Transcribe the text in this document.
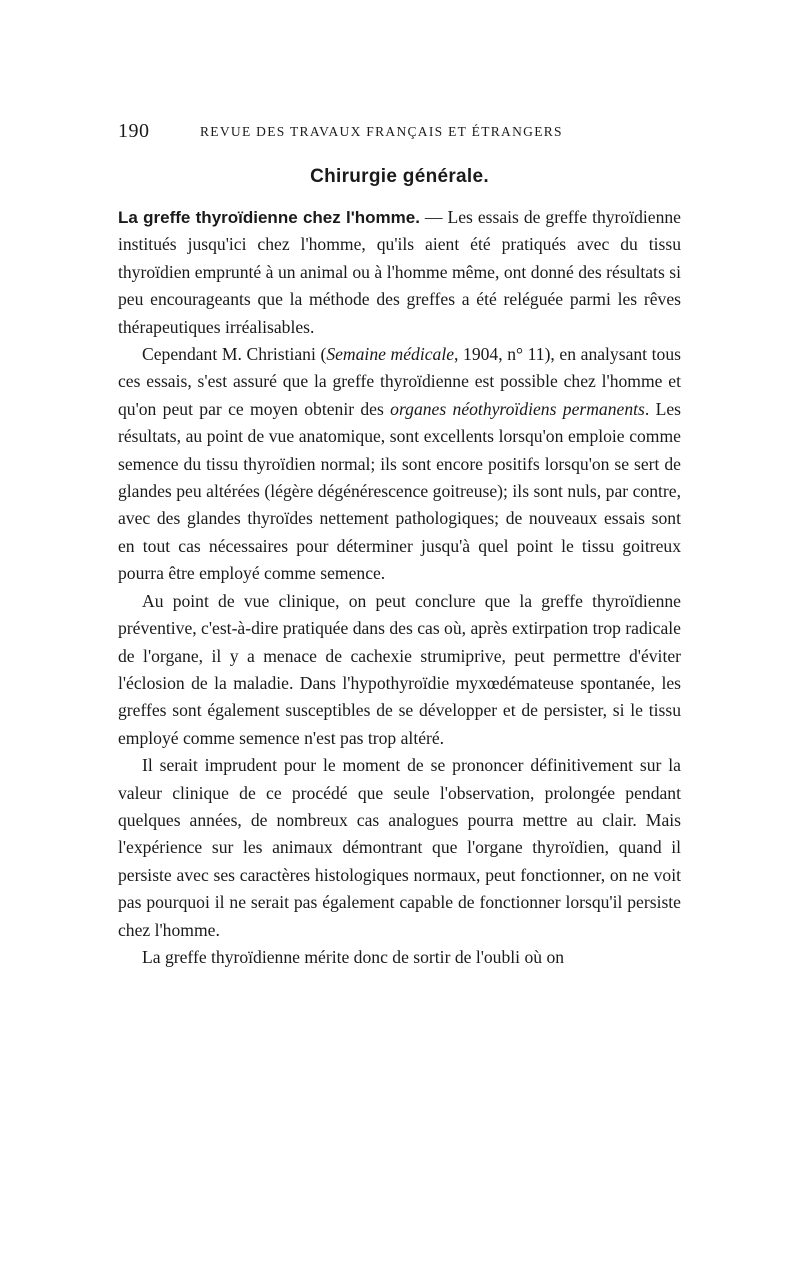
190	REVUE DES TRAVAUX FRANÇAIS ET ÉTRANGERS
Chirurgie générale.

La greffe thyroïdienne chez l'homme. — Les essais de greffe thyroïdienne institués jusqu'ici chez l'homme, qu'ils aient été pratiqués avec du tissu thyroïdien emprunté à un animal ou à l'homme même, ont donné des résultats si peu encourageants que la méthode des greffes a été reléguée parmi les rêves thérapeutiques irréalisables.

Cependant M. Christiani (Semaine médicale, 1904, n° 11), en analysant tous ces essais, s'est assuré que la greffe thyroïdienne est possible chez l'homme et qu'on peut par ce moyen obtenir des organes néothyroïdiens permanents. Les résultats, au point de vue anatomique, sont excellents lorsqu'on emploie comme semence du tissu thyroïdien normal; ils sont encore positifs lorsqu'on se sert de glandes peu altérées (légère dégénérescence goitreuse); ils sont nuls, par contre, avec des glandes thyroïdes nettement pathologiques; de nouveaux essais sont en tout cas nécessaires pour déterminer jusqu'à quel point le tissu goitreux pourra être employé comme semence.

Au point de vue clinique, on peut conclure que la greffe thyroïdienne préventive, c'est-à-dire pratiquée dans des cas où, après extirpation trop radicale de l'organe, il y a menace de cachexie strumiprive, peut permettre d'éviter l'éclosion de la maladie. Dans l'hypothyroïdie myxœdémateuse spontanée, les greffes sont également susceptibles de se développer et de persister, si le tissu employé comme semence n'est pas trop altéré.

Il serait imprudent pour le moment de se prononcer définitivement sur la valeur clinique de ce procédé que seule l'observation, prolongée pendant quelques années, de nombreux cas analogues pourra mettre au clair. Mais l'expérience sur les animaux démontrant que l'organe thyroïdien, quand il persiste avec ses caractères histologiques normaux, peut fonctionner, on ne voit pas pourquoi il ne serait pas également capable de fonctionner lorsqu'il persiste chez l'homme.

La greffe thyroïdienne mérite donc de sortir de l'oubli où on
